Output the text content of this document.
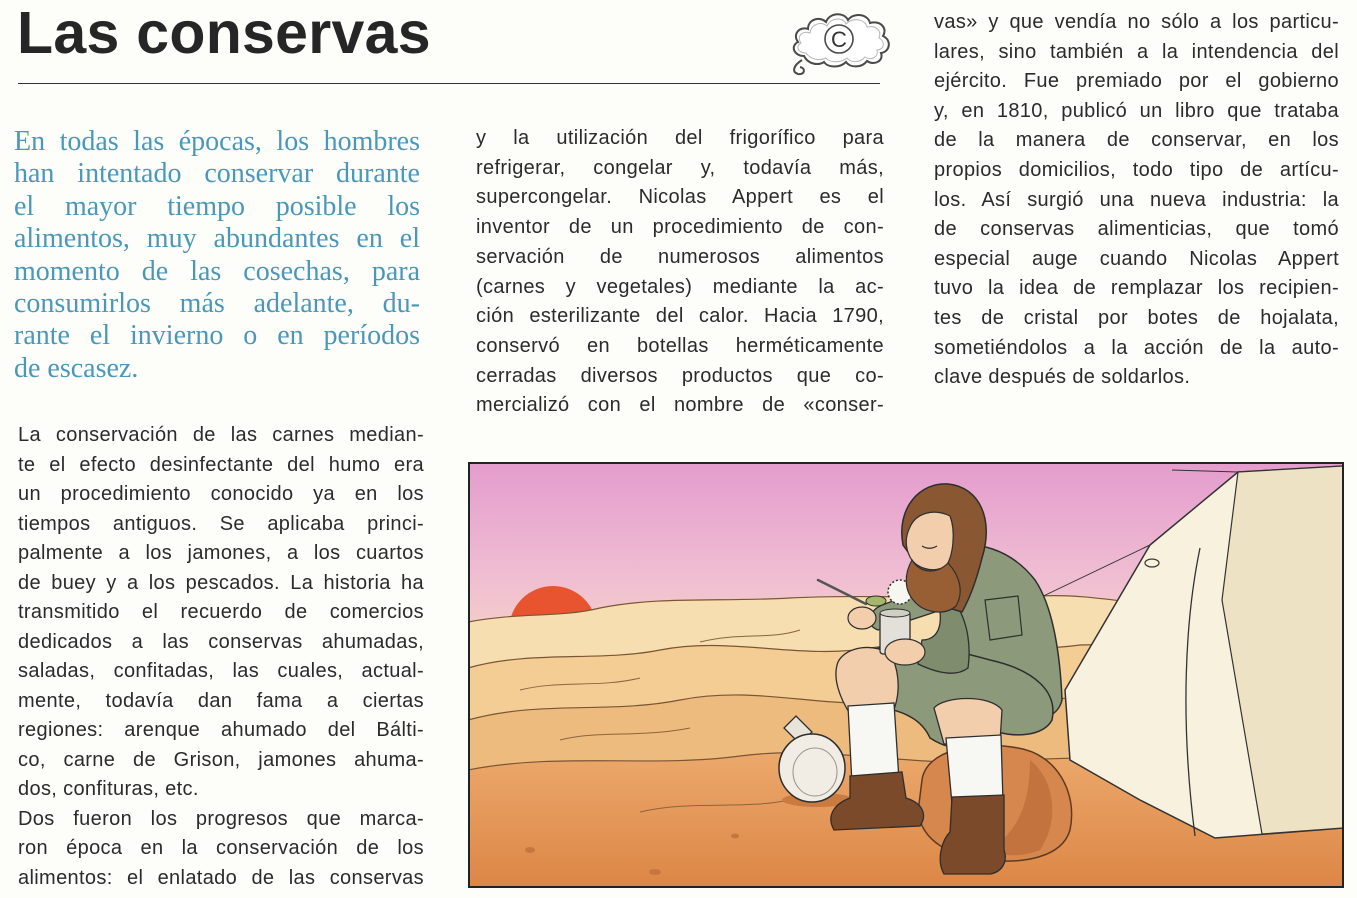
Las conservas	C
En todas las épocas, los hombres
han intentado conservar durante
el mayor tiempo posible los
alimentos, muy abundantes en el
momento de las cosechas, para
consumirlos más adelante, du-
rante el invierno o en períodos
de escasez.
La conservación de las carnes median-
te el efecto desinfectante del humo era
un procedimiento conocido ya en los
tiempos antiguos. Se aplicaba princi-
palmente a los jamones, a los cuartos
de buey y a los pescados. La historia ha
transmitido el recuerdo de comercios
dedicados a las conservas ahumadas,
saladas, confitadas, las cuales, actual-
mente, todavía dan fama a ciertas
regiones: arenque ahumado del Bálti-
co, carne de Grison, jamones ahuma-
dos, confituras, etc.
Dos fueron los progresos que marca-
ron época en la conservación de los
alimentos: el enlatado de las conservas
y la utilización del frigorífico para
refrigerar, congelar y, todavía más,
supercongelar. Nicolas Appert es el
inventor de un procedimiento de con-
servación de numerosos alimentos
(carnes y vegetales) mediante la ac-
ción esterilizante del calor. Hacia 1790,
conservó en botellas herméticamente
cerradas diversos productos que co-
mercializó con el nombre de «conser-
vas» y que vendía no sólo a los particu-
lares, sino también a la intendencia del
ejército. Fue premiado por el gobierno
y, en 1810, publicó un libro que trataba
de la manera de conservar, en los
propios domicilios, todo tipo de artícu-
los. Así surgió una nueva industria: la
de conservas alimenticias, que tomó
especial auge cuando Nicolas Appert
tuvo la idea de remplazar los recipien-
tes de cristal por botes de hojalata,
sometiéndolos a la acción de la auto-
clave después de soldarlos.
